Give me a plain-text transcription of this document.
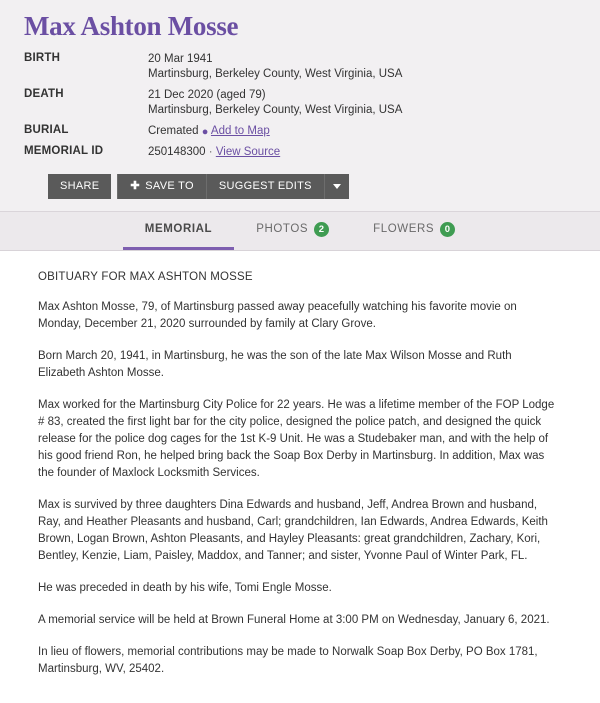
Max Ashton Mosse
BIRTH	20 Mar 1941
Martinsburg, Berkeley County, West Virginia, USA

DEATH	21 Dec 2020 (aged 79)
Martinsburg, Berkeley County, West Virginia, USA

BURIAL	Cremated ●​ Add to Map

MEMORIAL ID	250148300 · View Source
SHARE	✚ SAVE TO	SUGGEST EDITS
MEMORIAL	PHOTOS	2	FLOWERS	0
OBITUARY FOR MAX ASHTON MOSSE

Max Ashton Mosse, 79, of Martinsburg passed away peacefully watching his favorite movie on Monday, December 21, 2020 surrounded by family at Clary Grove.

Born March 20, 1941, in Martinsburg, he was the son of the late Max Wilson Mosse and Ruth Elizabeth Ashton Mosse.

Max worked for the Martinsburg City Police for 22 years. He was a lifetime member of the FOP Lodge # 83, created the first light bar for the city police, designed the police patch, and designed the quick release for the police dog cages for the 1st K-9 Unit. He was a Studebaker man, and with the help of his good friend Ron, he helped bring back the Soap Box Derby in Martinsburg. In addition, Max was the founder of Maxlock Locksmith Services.

Max is survived by three daughters Dina Edwards and husband, Jeff, Andrea Brown and husband, Ray, and Heather Pleasants and husband, Carl; grandchildren, Ian Edwards, Andrea Edwards, Keith Brown, Logan Brown, Ashton Pleasants, and Hayley Pleasants: great grandchildren, Zachary, Kori, Bentley, Kenzie, Liam, Paisley, Maddox, and Tanner; and sister, Yvonne Paul of Winter Park, FL.

He was preceded in death by his wife, Tomi Engle Mosse.

A memorial service will be held at Brown Funeral Home at 3:00 PM on Wednesday, January 6, 2021.

In lieu of flowers, memorial contributions may be made to Norwalk Soap Box Derby, PO Box 1781, Martinsburg, WV, 25402.
